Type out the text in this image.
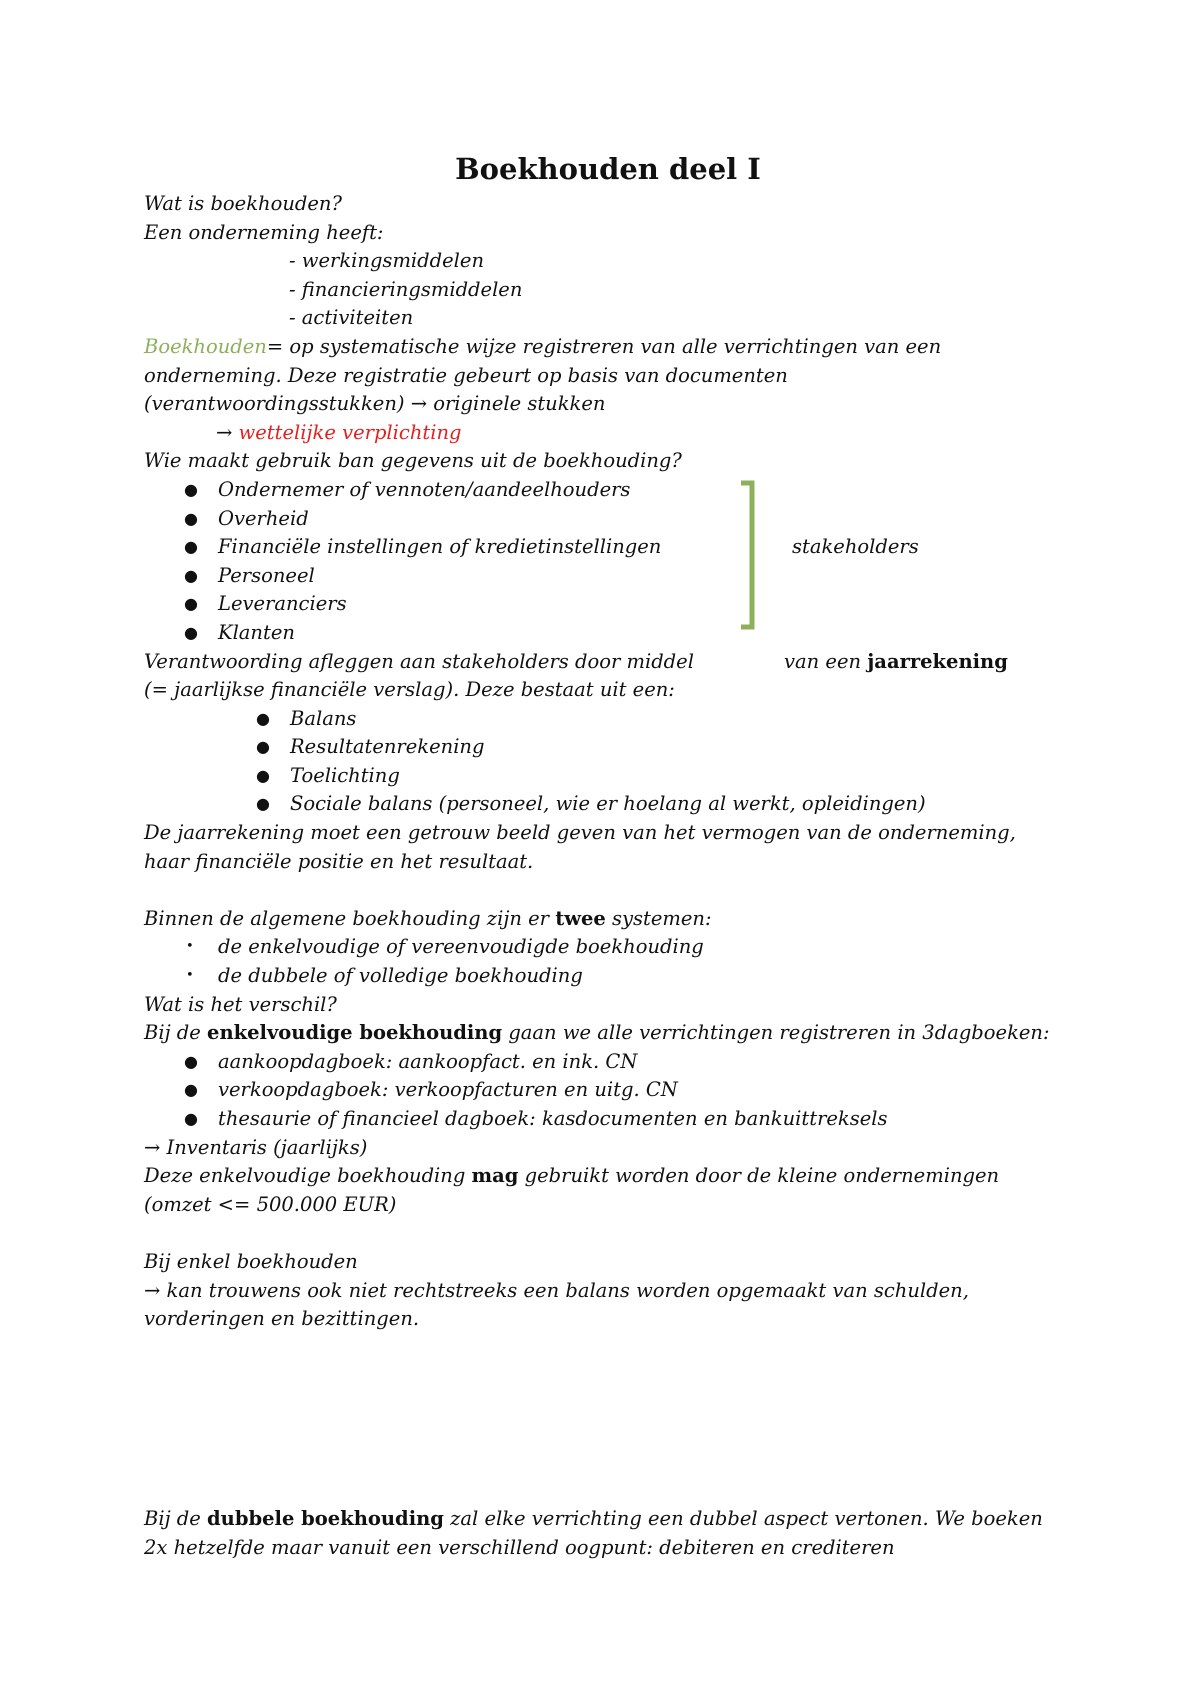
Boekhouden deel I
Wat is boekhouden?
Een onderneming heeft:
- werkingsmiddelen
- financieringsmiddelen
- activiteiten
Boekhouden= op systematische wijze registreren van alle verrichtingen van een
onderneming. Deze registratie gebeurt op basis van documenten
(verantwoordingsstukken) → originele stukken
→ wettelijke verplichting
Wie maakt gebruik ban gegevens uit de boekhouding?
● Ondernemer of vennoten/aandeelhouders
● Overheid
● Financiële instellingen of kredietinstellingen	stakeholders
● Personeel
● Leveranciers
● Klanten
Verantwoording afleggen aan stakeholders door middel	van een jaarrekening
(= jaarlijkse financiële verslag). Deze bestaat uit een:
● Balans
● Resultatenrekening
● Toelichting
● Sociale balans (personeel, wie er hoelang al werkt, opleidingen)
De jaarrekening moet een getrouw beeld geven van het vermogen van de onderneming,
haar financiële positie en het resultaat.
Binnen de algemene boekhouding zijn er twee systemen:
• de enkelvoudige of vereenvoudigde boekhouding
• de dubbele of volledige boekhouding
Wat is het verschil?
Bij de enkelvoudige boekhouding gaan we alle verrichtingen registreren in 3dagboeken:
● aankoopdagboek: aankoopfact. en ink. CN
● verkoopdagboek: verkoopfacturen en uitg. CN
● thesaurie of financieel dagboek: kasdocumenten en bankuittreksels
→ Inventaris (jaarlijks)
Deze enkelvoudige boekhouding mag gebruikt worden door de kleine ondernemingen
(omzet <= 500.000 EUR)
Bij enkel boekhouden
→ kan trouwens ook niet rechtstreeks een balans worden opgemaakt van schulden,
vorderingen en bezittingen.
Bij de dubbele boekhouding zal elke verrichting een dubbel aspect vertonen. We boeken
2x hetzelfde maar vanuit een verschillend oogpunt: debiteren en crediteren
